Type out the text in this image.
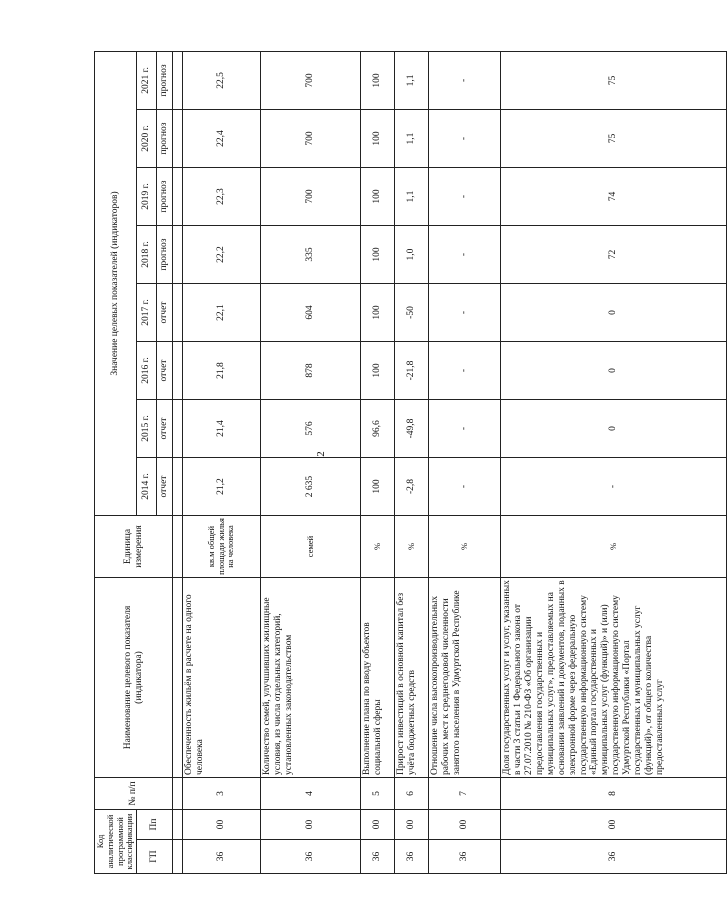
2
Код аналитической программной классификации		№ п/п	Наименование целевого показателя (индикатора)	Единица измерения	Значение целевых показателей (индикаторов)							
ГП	Пп				2014 г.	2015 г.	2016 г.	2017 г.	2018 г.	2019 г.	2020 г.	2021 г.
					отчет	отчет	отчет	отчет	прогноз	прогноз	прогноз	прогноз

36	00	3	Обеспеченность жильём в расчете на одного человека	кв.м общей площади жилья на человека	21,2	21,4	21,8	22,1	22,2	22,3	22,4	22,5
36	00	4	Количество семей, улучшивших жилищные условия, из числа отдельных категорий, установленных законодательством	семей	2 635	576	878	604	335	700	700	700
36	00	5	Выполнение плана по вводу объектов социальной сферы	%	100	96,6	100	100	100	100	100	100
36	00	6	Прирост инвестиций в основной капитал без учёта бюджетных средств	%	-2,8	-49,8	-21,8	-50	1,0	1,1	1,1	1,1
36	00	7	Отношение числа высокопроизводительных рабочих мест к среднегодовой численности занятого населения в Удмуртской Республике	%	-	-	-	-	-	-	-	-
36	00	8	Доля государственных услуг и услуг, указанных в части 3 статьи 1 Федерального закона от 27.07.2010 № 210-ФЗ «Об организации предоставления государственных и муниципальных услуг», предоставляемых на основании заявлений и документов, поданных в электронной форме через федеральную государственную информационную систему «Единый портал государственных и муниципальных услуг (функций)» и (или) государственную информационную систему Удмуртской Республики «Портал государственных и муниципальных услуг (функций)», от общего количества предоставленных услуг	%	-	0	0	0	72	74	75	75
